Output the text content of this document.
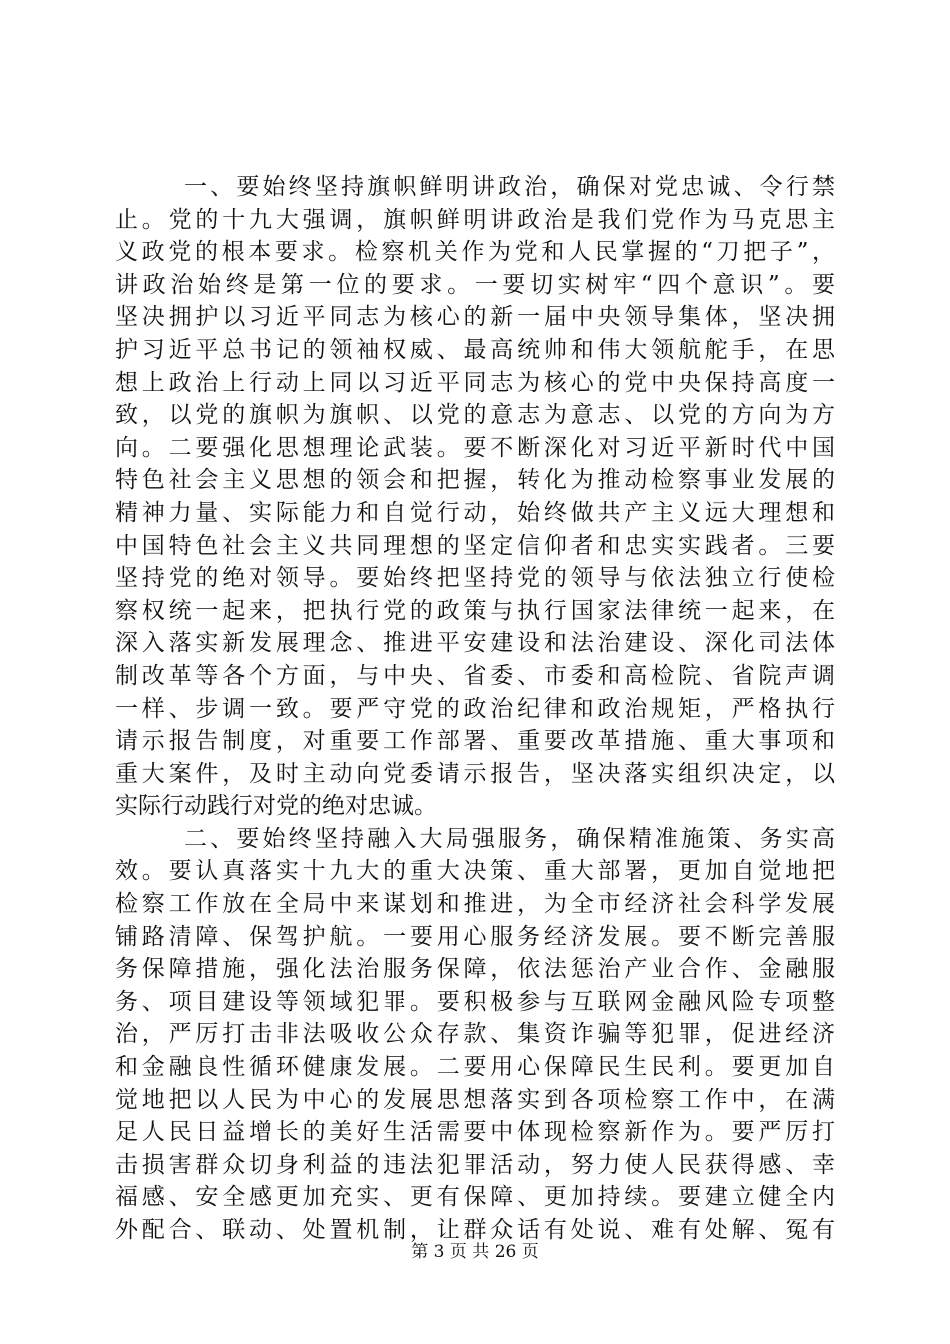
一、要始终坚持旗帜鲜明讲政治，确保对党忠诚、令行禁
止。党的十九大强调，旗帜鲜明讲政治是我们党作为马克思主
义政党的根本要求。检察机关作为党和人民掌握的“刀把子”，
讲政治始终是第一位的要求。一要切实树牢“四个意识”。要
坚决拥护以习近平同志为核心的新一届中央领导集体，坚决拥
护习近平总书记的领袖权威、最高统帅和伟大领航舵手，在思
想上政治上行动上同以习近平同志为核心的党中央保持高度一
致，以党的旗帜为旗帜、以党的意志为意志、以党的方向为方
向。二要强化思想理论武装。要不断深化对习近平新时代中国
特色社会主义思想的领会和把握，转化为推动检察事业发展的
精神力量、实际能力和自觉行动，始终做共产主义远大理想和
中国特色社会主义共同理想的坚定信仰者和忠实实践者。三要
坚持党的绝对领导。要始终把坚持党的领导与依法独立行使检
察权统一起来，把执行党的政策与执行国家法律统一起来，在
深入落实新发展理念、推进平安建设和法治建设、深化司法体
制改革等各个方面，与中央、省委、市委和高检院、省院声调
一样、步调一致。要严守党的政治纪律和政治规矩，严格执行
请示报告制度，对重要工作部署、重要改革措施、重大事项和
重大案件，及时主动向党委请示报告，坚决落实组织决定，以
实际行动践行对党的绝对忠诚。
二、要始终坚持融入大局强服务，确保精准施策、务实高
效。要认真落实十九大的重大决策、重大部署，更加自觉地把
检察工作放在全局中来谋划和推进，为全市经济社会科学发展
铺路清障、保驾护航。一要用心服务经济发展。要不断完善服
务保障措施，强化法治服务保障，依法惩治产业合作、金融服
务、项目建设等领域犯罪。要积极参与互联网金融风险专项整
治，严厉打击非法吸收公众存款、集资诈骗等犯罪，促进经济
和金融良性循环健康发展。二要用心保障民生民利。要更加自
觉地把以人民为中心的发展思想落实到各项检察工作中，在满
足人民日益增长的美好生活需要中体现检察新作为。要严厉打
击损害群众切身利益的违法犯罪活动，努力使人民获得感、幸
福感、安全感更加充实、更有保障、更加持续。要建立健全内
外配合、联动、处置机制，让群众话有处说、难有处解、冤有
第 3 页 共 26 页
